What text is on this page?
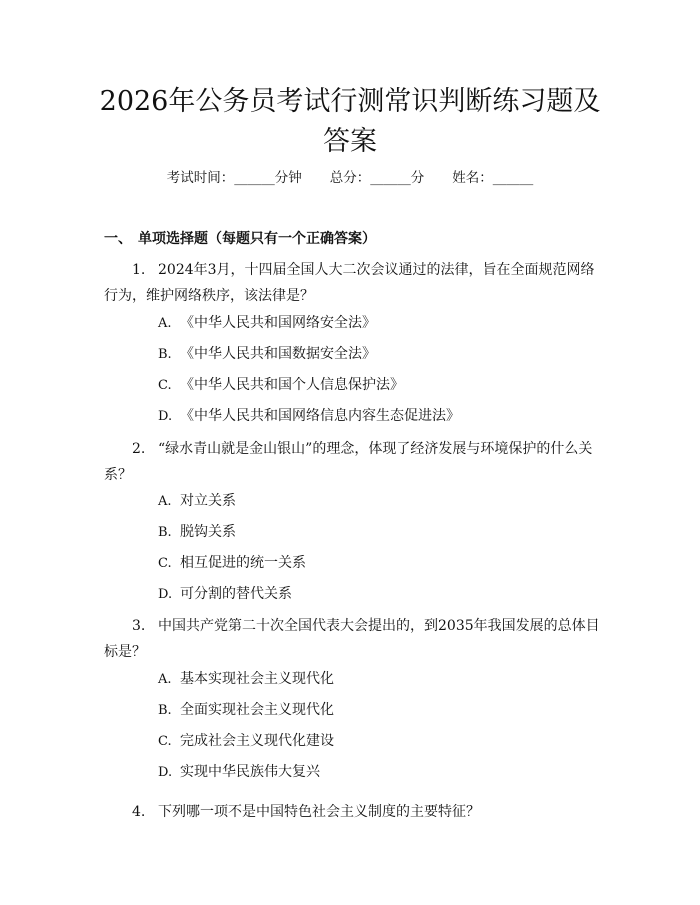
2026年公务员考试行测常识判断练习题及答案
考试时间：______分钟 总分：______分 姓名：______
一、 单项选择题（每题只有一个正确答案）
1. 2024年3月，十四届全国人大二次会议通过的法律，旨在全面规范网络
行为，维护网络秩序，该法律是？
A. 《中华人民共和国网络安全法》
B. 《中华人民共和国数据安全法》
C. 《中华人民共和国个人信息保护法》
D. 《中华人民共和国网络信息内容生态促进法》
2. “绿水青山就是金山银山”的理念，体现了经济发展与环境保护的什么关
系？
A. 对立关系
B. 脱钩关系
C. 相互促进的统一关系
D. 可分割的替代关系
3. 中国共产党第二十次全国代表大会提出的，到2035年我国发展的总体目
标是？
A. 基本实现社会主义现代化
B. 全面实现社会主义现代化
C. 完成社会主义现代化建设
D. 实现中华民族伟大复兴
4. 下列哪一项不是中国特色社会主义制度的主要特征？
